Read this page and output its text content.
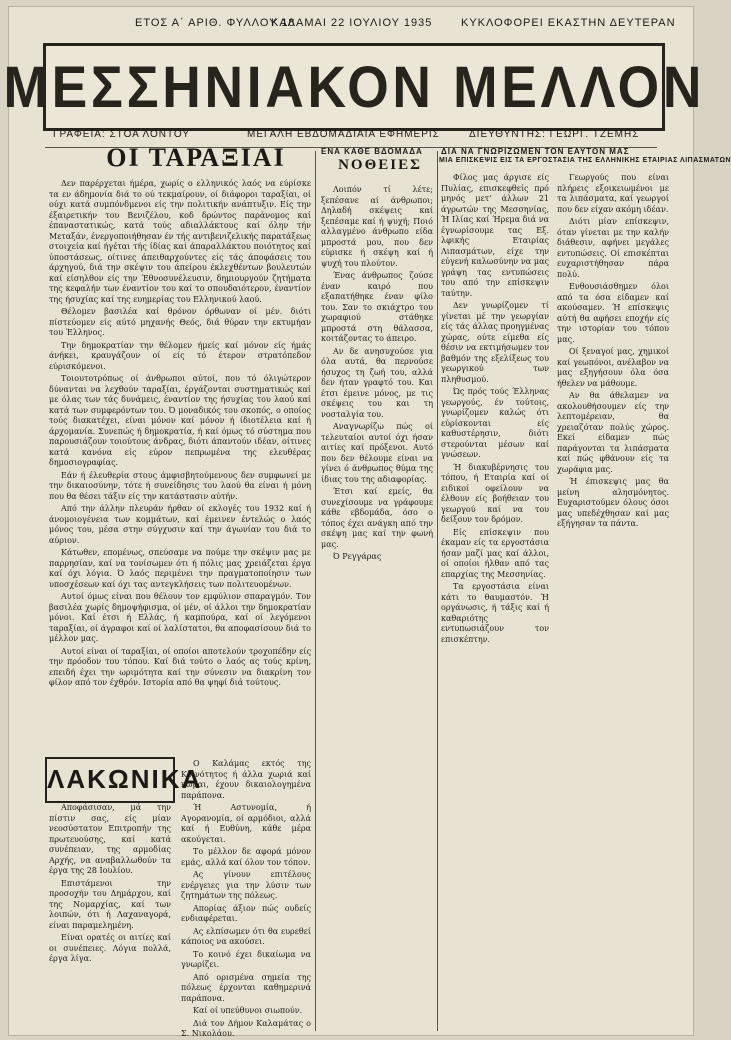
ΕΤΟΣ Α΄ ΑΡΙΘ. ΦΥΛΛΟΥ 18
ΚΑΛΑΜΑΙ 22 ΙΟΥΛΙΟΥ 1935	ΚΥΚΛΟΦΟΡΕΙ ΕΚΑΣΤΗΝ ΔΕΥΤΕΡΑΝ
ΜΕΣΣΗΝΙΑΚΟΝ ΜΕΛΛΟΝ
ΓΡΑΦΕΙΑ: ΣΤΟΑ ΛΟΝΤΟΥ	ΜΕΓΑΛΗ ΕΒΔΟΜΑΔΙΑΙΑ ΕΦΗΜΕΡΙΣ	ΔΙΕΥΘΥΝΤΗΣ: ΓΕΩΡΓ. ΤΖΕΜΗΣ
ΟΙ ΤΑΡΑΞΙΑΙ

Δεν παρέρχεται ήμέρα, χωρίς ο ελληνικός λαός να εύρίσκε τα εν άδημονία διά το ού τεκμαίρουν, οί διάφοροι ταραξίαι, οί ούχι κατά συμπόνδμενοι είς την πολιτικήν ανάπτυξιν. Είς την έξαιρετικήν του Βενιζέλου, κοδ δρώντος παράνομος καί έπαναστατικώς, κατά τούς αδιαλλάκτους καί όλην τήν Μεταξάν, ένεργοποιήθησαν έν τής αντιβενιζελικής παρατάξεως στοιχεία καί ήγέται τής ίδίας καί άπαραλλάκτου ποιότητος καί ύποστάσεως, οίτινες άπειθαρχούντες είς τάς άποφάσεις του άρχηγού, διά την σκέψιν του άπείρου έκλεχθέντων βουλευτών καί είσηλθον είς την Έθνοσυνέλευσιν, δημιουργούν ζητήματα της κεφαλήν των έναντίον του καί το σπουδαιότερον, έναντίον της ήσυχίας καί της ευημερίας του Ελληνικού λαού.

Θέλομεν βασιλέα καί θρόνον όρθωναν οί μέν. διότι πίστεύομεν είς αύτό μηχανής Θεός, διά θύραν την εκτυμήαν του Έλληνος.

Την δημοκρατίαν την θέλομεν ήμείς καί μόνον είς ήμάς άνήκει, κραυγάζουν οί είς τό έτερον στρατόπεδον εύρισκόμενοι.

Τοιουτοτρόπως οί άνθρωποι αύτοί, που τό όλιγώτερον δύνανται να λεχθούν ταραξίαι, έργάζονται συστηματικώς καί με όλας των τάς δυνάμεις, έναντίον της ήσυχίας του λαού καί κατά των συμφερόντων του. Ό μοναδικός του σκοπός, ο οποίος τούς διακατέχει, είναι μόνον καί μόνον ή ίδιοτέλεια καί ή άρχομανία. Συνεπώς ή δημοκρατία, ή καί όμως τό σύστημα που παρουσιάζουν τοιούτους άνδρας, διότι άπαντούν ιδέαν, οίτινες κατά κανόνα είς εύρον πεπρωμένα της ελευθέρας δημοσιογραφίας.

Εάν ή έλευθερία στους άμφισβητούμενους δεν συμφωνεί με την δικαιοσύνην, τότε ή συνείδησις του λαού θα είναι ή μόνη που θα θέσει τάξιν είς την κατάστασιν αύτήν.

Από την άλλην πλευράν ήρθαν οί εκλογές του 1932 καί ή άνομοιογένεια των κομμάτων, καί έμεινεν έντελώς ο λαός μόνος του, μέσα στην σύγχυσιν καί την άγωνίαν του διά το αύριον.

Κάτωθεν, επομένως, σπεύσαμε να πούμε την σκέψιν μας με παρρησίαν, καί να τονίσωμεν ότι ή πόλις μας χρειάζεται έργα καί όχι λόγια. Ό λαός περιμένει την πραγματοποίησιν των υποσχέσεων καί όχι τας αντεγκλήσεις των πολιτευομένων.

Αυτοί όμως είναι που θέλουν τον εμφύλιον σπαραγμόν. Τον βασιλέα χωρίς δημοψήφισμα, οί μέν, οί άλλοι την δημοκρατίαν μόνοι. Καί έτσι ή Ελλάς, ή καμπούρα, καί οί λεγόμενοι ταραξίαι, οί άγραφοι καί οί λαλίστατοι, θα αποφασίσουν διά το μέλλον μας.

Αυτοί είναι οί ταραξίαι, οί οποίοι αποτελούν τροχοπέδην είς την πρόοδον του τόπου. Καί διά τούτο ο λαός ας τούς κρίνη, επειδή έχει την ωριμότητα καί την σύνεσιν να διακρίνη τον φίλον από τον έχθρόν. Ιστορία από θα ψηφί διά τούτους.

ΕΝΑ ΚΑΘΕ ΒΔΟΜΑΔΑ
ΝΟΘΕΙΕΣ

Λοιπόν τί λέτε; ξεπέσανε αί άνθρωποι; Δηλαδή σκέψεις καί ξεπέσαμε καί ή ψυχή; Ποιό αλλαγμένο άνθρωπο είδα μπροστά μου, που δεν εύρισκε ή σκέψη καί ή ψυχή του πλούτον.

Ένας άνθρωπος ζούσε έναν καιρό που εξαπατήθηκε έναν φίλο του. Σαν το σκιάχτρο του χωραφιού στάθηκε μπροστά στη θάλασσα, κοιτάζοντας το άπειρο.

Αν δε ανησυχούσε για όλα αυτά, θα περνούσε ήσυχος τη ζωή του, αλλά δεν ήταν γραφτό του. Και έτσι έμεινε μόνος, με τις σκέψεις του και τη νοσταλγία του.

Αναγνωρίζω πώς οί τελευταίοι αυτοί όχι ήσαν αιτίες καί πρόξενοι. Αυτό που δεν θέλουμε είναι να γίνει ό άνθρωπος θύμα της ίδιας του της αδιαφορίας.

Έτσι καί εμείς, θα συνεχίσουμε να γράφουμε κάθε εβδομάδα, όσο ο τόπος έχει ανάγκη από την σκέψη μας καί την φωνή μας.

Ό Ρεγγάρας

ΔΙΑ ΝΑ ΓΝΩΡΙΖΩΜΕΝ ΤΟΝ ΕΑΥΤΟΝ ΜΑΣ
ΜΙΑ ΕΠΙΣΚΕΨΙΣ ΕΙΣ ΤΑ ΕΡΓΟΣΤΑΣΙΑ ΤΗΣ ΕΛΛΗΝΙΚΗΣ ΕΤΑΙΡΙΑΣ ΛΙΠΑΣΜΑΤΩΝ

Φίλος μας άργισε είς Πυλίας, επισκεφθείς πρό μηνός μετ' άλλων 21 άγρωτών της Μεσσηνίας, Ή Ιλίας καί Ήρεμα διά να έγνωρίσουμε τας Εξ. λφικής Εταιρίας Λιπασμάτων, είχε την εύγενή καλωσύνην να μας γράψη τας εντυπώσεις του από την επίσκεψιν ταύτην.

Δεν γνωρίζομεν τί γίνεται μέ την γεωργίαν είς τάς άλλας προηγμένας χώρας, ούτε είμεθα είς θέσιν να εκτιμήσωμεν τον βαθμόν της εξελίξεως του γεωργικού των πληθυσμού.

Ώς πρός τούς Έλληνας γεωργούς, έν τούτοις, γνωρίζομεν καλώς ότι εύρίσκονται είς καθυστέρησιν, διότι στερούνται μέσων καί γνώσεων.

Ή διακυβέρνησις του τόπου, ή Εταιρία καί οί ειδικοί οφείλουν να έλθουν είς βοήθειαν του γεωργού καί να του δείξουν τον δρόμον.

Είς επίσκεψιν που έκαμαν είς τα εργοστάσια ήσαν μαζί μας καί άλλοι, οί οποίοι ήλθαν από τας επαρχίας της Μεσσηνίας.

Τα εργοστάσια είναι κάτι το θαυμαστόν. Ή οργάνωσις, ή τάξις καί ή καθαριότης εντυπωσιάζουν τον επισκέπτην.

Γεωργούς που είναι πλήρεις εξοικειωμένοι με τα λιπάσματα, καί γεωργοί που δεν είχαν ακόμη ιδέαν.

Διότι μίαν επίσκεψιν, όταν γίνεται με την καλήν διάθεσιν, αφήνει μεγάλες εντυπώσεις. Οί επισκέπται ευχαριστήθησαν πάρα πολύ.

Ενθουσιάσθημεν όλοι από τα όσα είδαμεν καί ακούσαμεν. Ή επίσκεψις αύτή θα αφήσει εποχήν είς την ιστορίαν του τόπου μας.

Οί ξεναγοί μας, χημικοί καί γεωπόνοι, ανέλαβον να μας εξηγήσουν όλα όσα ήθελεν να μάθουμε.

Αν θα άθελαμεν να ακολουθήσουμεν είς την λεπτομέρειαν, θα χρειαζόταν πολύς χώρος. Εκεί είδαμεν πώς παράγονται τα λιπάσματα καί πώς φθάνουν είς τα χωράφια μας.

Ή έπισκεψις μας θα μείνη αλησμόνητος. Ευχαριστούμεν όλους όσοι μας υπεδέχθησαν καί μας εξήγησαν τα πάντα.

ΛΑΚΩΝΙΚΑ

Αποφάσισαν, μά την πίστιν σας, είς μίαν νεοσύστατον Επιτροπήν της πρωτευούσης, καί κατά συνέπειαν, της αρμοδίας Αρχής, να αναβαλλωθούν τα έργα της 28 Ιουλίου.

Επιστάμενοι την προσοχήν του Δημάρχου, καί της Νομαρχίας, καί των λοιπών, ότι ή Λαχαναγορά, είναι παραμελημένη.

Είναι ορατές οι αιτίες καί οι συνέπειες. Λόγια πολλά, έργα λίγα.

Ο Καλάμας εκτός της Κοινότητος ή άλλα χωριά καί κώμαι, έχουν δικαιολογημένα παράπονα.

Ή Αστυνομία, ή Αγορανομία, οί αρμόδιοι, αλλά καί ή Ευθύνη, κάθε μέρα ακούγεται.

Το μέλλον δε αφορά μόνον εμάς, αλλά καί όλον τον τόπον.

Ας γίνουν επιτέλους ενέργειες για την λύσιν των ζητημάτων της πόλεως.

Απορίας άξιον πώς ουδείς ενδιαφέρεται.

Ας ελπίσωμεν ότι θα ευρεθεί κάποιος να ακούσει.

Το κοινό έχει δικαίωμα να γνωρίζει.

Από ορισμένα σημεία της πόλεως έρχονται καθημερινά παράπονα.

Καί οί υπεύθυνοι σιωπούν.

Διά τον Δήμον Καλαμάτας ο Σ. Νικολάου.
